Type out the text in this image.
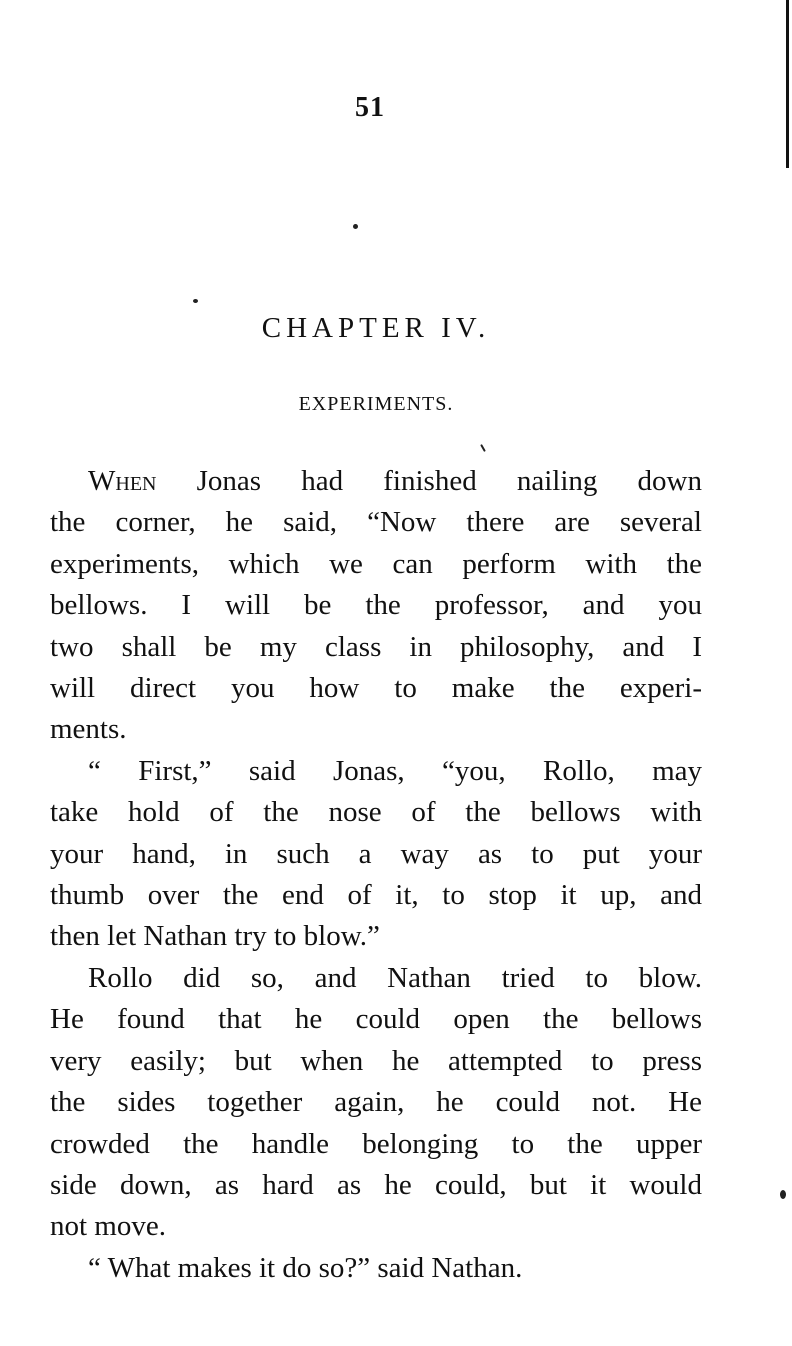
51
CHAPTER IV.
EXPERIMENTS.
When Jonas had finished nailing down
the corner, he said, “Now there are several
experiments, which we can perform with the
bellows. I will be the professor, and you
two shall be my class in philosophy, and I
will direct you how to make the experi-
ments.
“ First,” said Jonas, “you, Rollo, may
take hold of the nose of the bellows with
your hand, in such a way as to put your
thumb over the end of it, to stop it up, and
then let Nathan try to blow.”
Rollo did so, and Nathan tried to blow.
He found that he could open the bellows
very easily; but when he attempted to press
the sides together again, he could not. He
crowded the handle belonging to the upper
side down, as hard as he could, but it would
not move.
“ What makes it do so?” said Nathan.
